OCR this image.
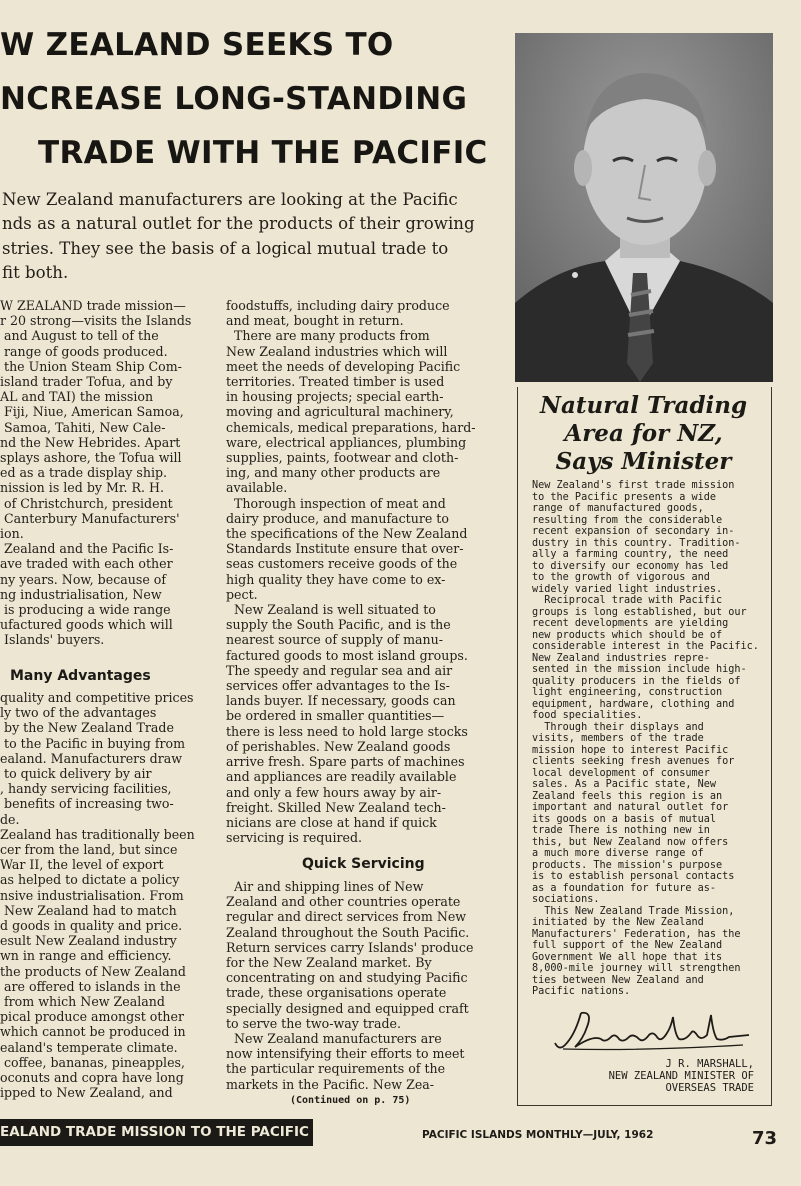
W ZEALAND SEEKS TO
NCREASE LONG-STANDING
TRADE WITH THE PACIFIC
New Zealand manufacturers are looking at the Pacific
nds as a natural outlet for the products of their growing
stries. They see the basis of a logical mutual trade to
fit both.
W ZEALAND trade mission—
r 20 strong—visits the Islands
and August to tell of the
range of goods produced.
the Union Steam Ship Com-
island trader Tofua, and by
AL and TAI) the mission
Fiji, Niue, American Samoa,
Samoa, Tahiti, New Cale-
nd the New Hebrides. Apart
splays ashore, the Tofua will
ed as a trade display ship.
nission is led by Mr. R. H.
of Christchurch, president
Canterbury Manufacturers'
ion.
Zealand and the Pacific Is-
ave traded with each other
ny years. Now, because of
ng industrialisation, New
is producing a wide range
ufactured goods which will
Islands' buyers.
Many Advantages
quality and competitive prices
ly two of the advantages
by the New Zealand Trade
to the Pacific in buying from
ealand. Manufacturers draw
to quick delivery by air
, handy servicing facilities,
benefits of increasing two-
de.
Zealand has traditionally been
cer from the land, but since
War II, the level of export
as helped to dictate a policy
nsive industrialisation. From
New Zealand had to match
d goods in quality and price.
esult New Zealand industry
wn in range and efficiency.
the products of New Zealand
are offered to islands in the
from which New Zealand
pical produce amongst other
which cannot be produced in
ealand's temperate climate.
coffee, bananas, pineapples,
oconuts and copra have long
ipped to New Zealand, and
foodstuffs, including dairy produce
and meat, bought in return.
There are many products from
New Zealand industries which will
meet the needs of developing Pacific
territories. Treated timber is used
in housing projects; special earth-
moving and agricultural machinery,
chemicals, medical preparations, hard-
ware, electrical appliances, plumbing
supplies, paints, footwear and cloth-
ing, and many other products are
available.
Thorough inspection of meat and
dairy produce, and manufacture to
the specifications of the New Zealand
Standards Institute ensure that over-
seas customers receive goods of the
high quality they have come to ex-
pect.
New Zealand is well situated to
supply the South Pacific, and is the
nearest source of supply of manu-
factured goods to most island groups.
The speedy and regular sea and air
services offer advantages to the Is-
lands buyer. If necessary, goods can
be ordered in smaller quantities—
there is less need to hold large stocks
of perishables. New Zealand goods
arrive fresh. Spare parts of machines
and appliances are readily available
and only a few hours away by air-
freight. Skilled New Zealand tech-
nicians are close at hand if quick
servicing is required.
Quick Servicing
Air and shipping lines of New
Zealand and other countries operate
regular and direct services from New
Zealand throughout the South Pacific.
Return services carry Islands' produce
for the New Zealand market. By
concentrating on and studying Pacific
trade, these organisations operate
specially designed and equipped craft
to serve the two-way trade.
New Zealand manufacturers are
now intensifying their efforts to meet
the particular requirements of the
markets in the Pacific. New Zea-
(Continued on p. 75)
Natural Trading
Area for NZ,
Says Minister
New Zealand's first trade mission
to the Pacific presents a wide
range of manufactured goods,
resulting from the considerable
recent expansion of secondary in-
dustry in this country. Tradition-
ally a farming country, the need
to diversify our economy has led
to the growth of vigorous and
widely varied light industries.
Reciprocal trade with Pacific
groups is long established, but our
recent developments are yielding
new products which should be of
considerable interest in the Pacific.
New Zealand industries repre-
sented in the mission include high-
quality producers in the fields of
light engineering, construction
equipment, hardware, clothing and
food specialities.
Through their displays and
visits, members of the trade
mission hope to interest Pacific
clients seeking fresh avenues for
local development of consumer
sales. As a Pacific state, New
Zealand feels this region is an
important and natural outlet for
its goods on a basis of mutual
trade There is nothing new in
this, but New Zealand now offers
a much more diverse range of
products. The mission's purpose
is to establish personal contacts
as a foundation for future as-
sociations.
This New Zealand Trade Mission,
initiated by the New Zealand
Manufacturers' Federation, has the
full support of the New Zealand
Government We all hope that its
8,000-mile journey will strengthen
ties between New Zealand and
Pacific nations.
J R. MARSHALL,
NEW ZEALAND MINISTER OF
OVERSEAS TRADE
EALAND TRADE MISSION TO THE PACIFIC	PACIFIC ISLANDS MONTHLY—JULY, 1962	73
